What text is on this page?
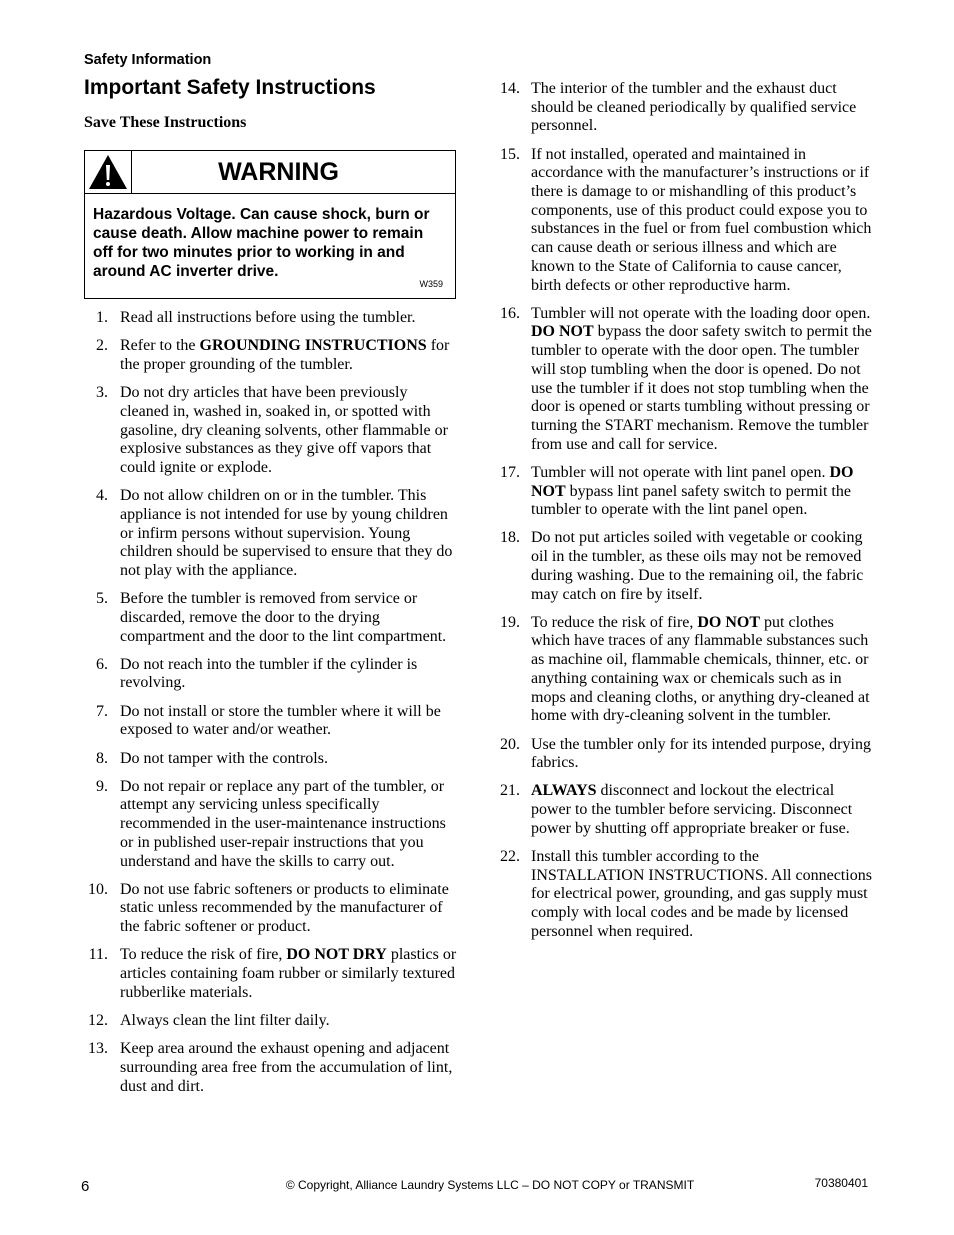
Safety Information
Important Safety Instructions
Save These Instructions
WARNING
Hazardous Voltage. Can cause shock, burn or cause death. Allow machine power to remain off for two minutes prior to working in and around AC inverter drive.
W359
1. Read all instructions before using the tumbler.
2. Refer to the GROUNDING INSTRUCTIONS for the proper grounding of the tumbler.
3. Do not dry articles that have been previously cleaned in, washed in, soaked in, or spotted with gasoline, dry cleaning solvents, other flammable or explosive substances as they give off vapors that could ignite or explode.
4. Do not allow children on or in the tumbler. This appliance is not intended for use by young children or infirm persons without supervision. Young children should be supervised to ensure that they do not play with the appliance.
5. Before the tumbler is removed from service or discarded, remove the door to the drying compartment and the door to the lint compartment.
6. Do not reach into the tumbler if the cylinder is revolving.
7. Do not install or store the tumbler where it will be exposed to water and/or weather.
8. Do not tamper with the controls.
9. Do not repair or replace any part of the tumbler, or attempt any servicing unless specifically recommended in the user-maintenance instructions or in published user-repair instructions that you understand and have the skills to carry out.
10. Do not use fabric softeners or products to eliminate static unless recommended by the manufacturer of the fabric softener or product.
11. To reduce the risk of fire, DO NOT DRY plastics or articles containing foam rubber or similarly textured rubberlike materials.
12. Always clean the lint filter daily.
13. Keep area around the exhaust opening and adjacent surrounding area free from the accumulation of lint, dust and dirt.
14. The interior of the tumbler and the exhaust duct should be cleaned periodically by qualified service personnel.
15. If not installed, operated and maintained in accordance with the manufacturer’s instructions or if there is damage to or mishandling of this product’s components, use of this product could expose you to substances in the fuel or from fuel combustion which can cause death or serious illness and which are known to the State of California to cause cancer, birth defects or other reproductive harm.
16. Tumbler will not operate with the loading door open. DO NOT bypass the door safety switch to permit the tumbler to operate with the door open. The tumbler will stop tumbling when the door is opened. Do not use the tumbler if it does not stop tumbling when the door is opened or starts tumbling without pressing or turning the START mechanism. Remove the tumbler from use and call for service.
17. Tumbler will not operate with lint panel open. DO NOT bypass lint panel safety switch to permit the tumbler to operate with the lint panel open.
18. Do not put articles soiled with vegetable or cooking oil in the tumbler, as these oils may not be removed during washing. Due to the remaining oil, the fabric may catch on fire by itself.
19. To reduce the risk of fire, DO NOT put clothes which have traces of any flammable substances such as machine oil, flammable chemicals, thinner, etc. or anything containing wax or chemicals such as in mops and cleaning cloths, or anything dry-cleaned at home with dry-cleaning solvent in the tumbler.
20. Use the tumbler only for its intended purpose, drying fabrics.
21. ALWAYS disconnect and lockout the electrical power to the tumbler before servicing. Disconnect power by shutting off appropriate breaker or fuse.
22. Install this tumbler according to the INSTALLATION INSTRUCTIONS. All connections for electrical power, grounding, and gas supply must comply with local codes and be made by licensed personnel when required.
6	© Copyright, Alliance Laundry Systems LLC – DO NOT COPY or TRANSMIT	70380401
